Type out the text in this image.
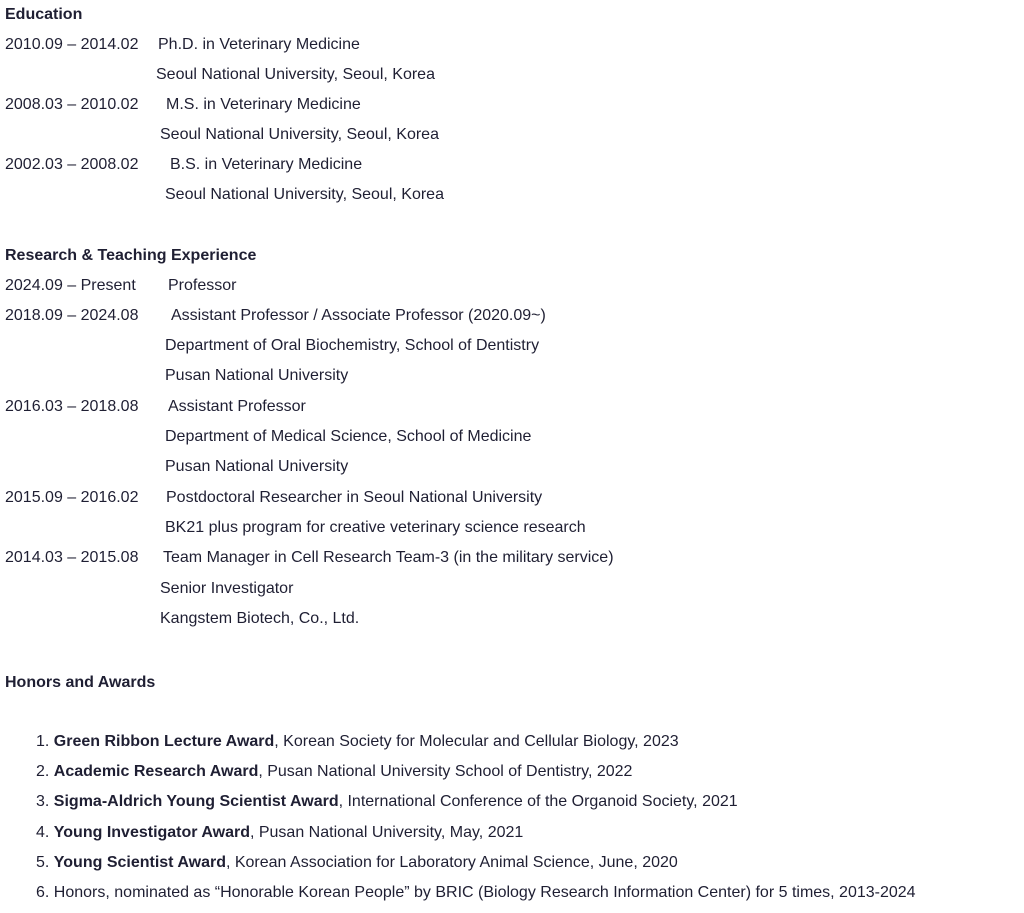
Education
2010.09 – 2014.02 Ph.D. in Veterinary Medicine
Seoul National University, Seoul, Korea
2008.03 – 2010.02 M.S. in Veterinary Medicine
Seoul National University, Seoul, Korea
2002.03 – 2008.02 B.S. in Veterinary Medicine
Seoul National University, Seoul, Korea
Research & Teaching Experience
2024.09 – Present Professor
2018.09 – 2024.08 Assistant Professor / Associate Professor (2020.09~)
Department of Oral Biochemistry, School of Dentistry
Pusan National University
2016.03 – 2018.08 Assistant Professor
Department of Medical Science, School of Medicine
Pusan National University
2015.09 – 2016.02 Postdoctoral Researcher in Seoul National University
BK21 plus program for creative veterinary science research
2014.03 – 2015.08 Team Manager in Cell Research Team-3 (in the military service)
Senior Investigator
Kangstem Biotech, Co., Ltd.
Honors and Awards
1. Green Ribbon Lecture Award, Korean Society for Molecular and Cellular Biology, 2023
2. Academic Research Award, Pusan National University School of Dentistry, 2022
3. Sigma-Aldrich Young Scientist Award, International Conference of the Organoid Society, 2021
4. Young Investigator Award, Pusan National University, May, 2021
5. Young Scientist Award, Korean Association for Laboratory Animal Science, June, 2020
6. Honors, nominated as “Honorable Korean People” by BRIC (Biology Research Information Center) for 5 times, 2013-2024
